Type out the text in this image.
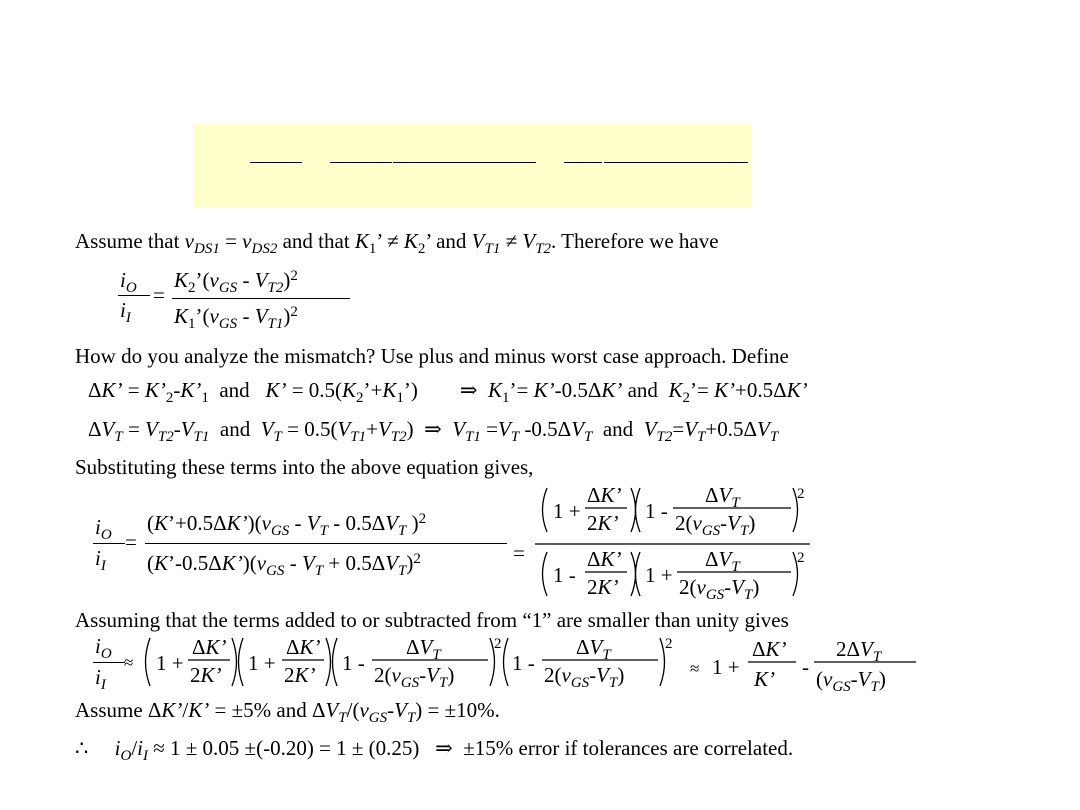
Assume that $v_{DS1} = v_{DS2}$ and that $K_1$’ ≠ $K_2$’ and $V_{T1} \ne V_{T2}$. Therefore we have
$i_O$
$i_I$
=
$K_2’(v_{GS} - V_{T2})^2$
$K_1’(v_{GS} - V_{T1})^2$
How do you analyze the mismatch? Use plus and minus worst case approach. Define
ΔK’ = $K’_2-K’_1$  and   K’ = $0.5(K_2’+K_1’)$        ⇒  $K_1’=$ K’-0.5ΔK’ and  $K_2’=$ K’+0.5ΔK’
$\Delta V_T = V_{T2}-V_{T1}$  and  $V_T = 0.5(V_{T1}+V_{T2})$  ⇒  $V_{T1} =V_T$ $-0.5\Delta V_T$  and  $V_{T2}=V_T+0.5\Delta V_T$
Substituting these terms into the above equation gives,
$i_O$
$i_I$
=
$(K’+0.5\Delta K’)(v_{GS} - V_T - 0.5\Delta V_T$ )$^2$
$(K’-0.5\Delta K’)(v_{GS} - V_T + 0.5\Delta V_T)^2$	=
1 +
ΔK’
2K’ 1 -
$\Delta V_T$
$2(v_{GS}-V_T)$
2
1 -
ΔK’
2K’ 1 +
$\Delta V_T$
$2(v_{GS}-V_T)$
2
Assuming that the terms added to or subtracted from “1” are smaller than unity gives
$i_O$
$i_I$
≈ 1 +
ΔK’
2K’ 1 +
ΔK’
2K’ 1 -
$\Delta V_T$
$2(v_{GS}-V_T)$
2
1 -
$\Delta V_T$
$2(v_{GS}-V_T)$
2
≈ 1 +
ΔK’
K’ -
$2\Delta V_T$
$(v_{GS}-V_T)$
Assume ΔK’/K’ = ±5% and $\Delta V_T/(v_{GS}-V_T) = \pm 10\%$.
∴     $i_O/i_I \approx 1 \pm 0.05 \pm(-0.20) = 1 \pm (0.25)$   ⇒  ±15% error if tolerances are correlated.
